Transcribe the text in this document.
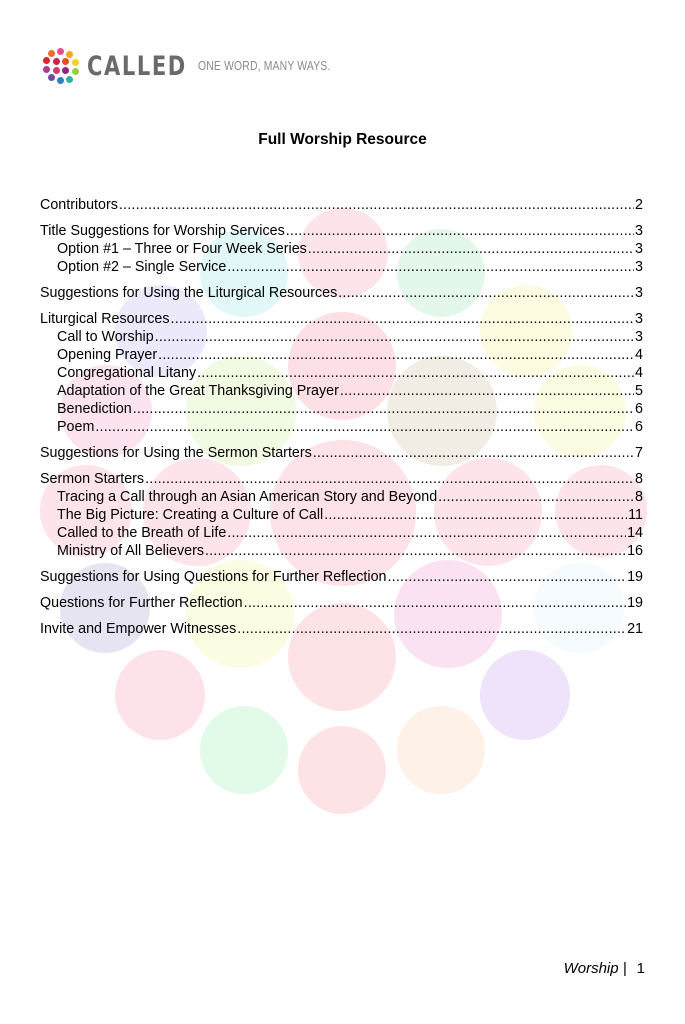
CALLED ONE WORD, MANY WAYS.
Full Worship Resource
Contributors .....	2
Title Suggestions for Worship Services .....	3
Option #1 – Three or Four Week Series .....	3
Option #2 – Single Service .....	3
Suggestions for Using the Liturgical Resources .....	3
Liturgical Resources .....	3
Call to Worship .....	3
Opening Prayer .....	4
Congregational Litany .....	4
Adaptation of the Great Thanksgiving Prayer .....	5
Benediction .....	6
Poem .....	6
Suggestions for Using the Sermon Starters .....	7
Sermon Starters .....	8
Tracing a Call through an Asian American Story and Beyond .....	8
The Big Picture: Creating a Culture of Call .....	11
Called to the Breath of Life .....	14
Ministry of All Believers .....	16
Suggestions for Using Questions for Further Reflection .....	19
Questions for Further Reflection .....	19
Invite and Empower Witnesses .....	21
Worship | 1
